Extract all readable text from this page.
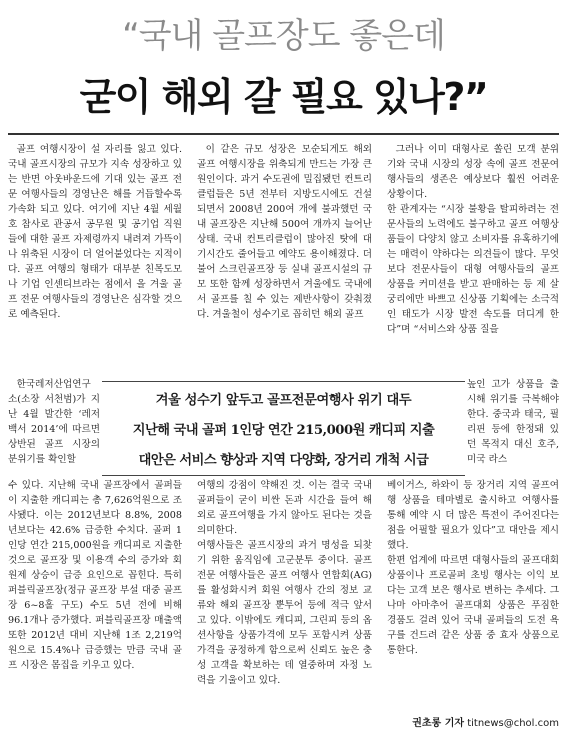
“국내 골프장도 좋은데
굳이 해외 갈 필요 있나?”

골프 여행시장이 설 자리를 잃고 있다. 국내 골프시장의 규모가 지속 성장하고 있는 반면 아웃바운드에 기대 있는 골프 전문 여행사들의 경영난은 해를 거듭할수록 가속화 되고 있다. 여기에 지난 4월 세월호 참사로 관공서 공무원 및 공기업 직원들에 대한 골프 자제령까지 내려져 가뜩이나 위축된 시장이 더 얼어붙었다는 지적이다. 골프 여행의 형태가 대부분 친목도모나 기업 인센티브라는 점에서 올 겨울 골프 전문 여행사들의 경영난은 심각할 것으로 예측된다.

한국레저산업연구소(소장 서천범)가 지난 4월 발간한 ‘레저백서 2014’에 따르면 상반된 골프 시장의 분위기를 확인할

수 있다. 지난해 국내 골프장에서 골퍼들이 지출한 캐디피는 총 7,626억원으로 조사됐다. 이는 2012년보다 8.8%, 2008년보다는 42.6% 급증한 수치다. 골퍼 1인당 연간 215,000원을 캐디피로 지출한 것으로 골프장 및 이용객 수의 증가와 회원제 상승이 급증 요인으로 꼽힌다. 특히 퍼블릭골프장(정규 골프장 부설 대중 골프장 6~8홀 구도) 수도 5년 전에 비해 96.1개나 증가했다. 퍼블릭골프장 매출액 또한 2012년 대비 지난해 1조 2,219억 원으로 15.4%나 급증했는 만큼 국내 골프 시장은 몸집을 키우고 있다.

이 같은 규모 성장은 모순되게도 해외 골프 여행시장을 위축되게 만드는 가장 큰 원인이다. 과거 수도권에 밀집됐던 컨트리클럽들은 5년 전부터 지방도시에도 건설되면서 2008년 200여 개에 불과했던 국내 골프장은 지난해 500여 개까지 늘어난 상태. 국내 컨트리클럽이 많아진 탓에 대기시간도 줄어들고 예약도 용이해졌다. 더불어 스크린골프장 등 실내 골프시설의 규모 또한 함께 성장하면서 겨울에도 국내에서 골프를 칠 수 있는 제반사항이 갖춰졌다. 겨울철이 성수기로 꼽히던 해외 골프

여행의 강점이 약해진 것. 이는 결국 국내 골퍼들이 굳이 비싼 돈과 시간을 들여 해외로 골프여행을 가지 않아도 된다는 것을 의미한다.
여행사들은 골프시장의 과거 명성을 되찾기 위한 움직임에 고군분투 중이다. 골프 전문 여행사들은 골프 여행사 연합회(AG)를 활성화시켜 회원 여행사 간의 정보 교류와 해외 골프장 뿐투어 등에 적극 앞서고 있다. 이밖에도 캐디피, 그린피 등의 옵션사항을 상품가격에 모두 포함시켜 상품가격을 공정하게 함으로써 신뢰도 높은 충성 고객을 확보하는 데 열중하며 자정 노력을 기울이고 있다.

그러나 이미 대형사로 쏠린 모객 분위기와 국내 시장의 성장 속에 골프 전문여행사들의 생존은 예상보다 훨씬 어려운 상황이다.
한 관계자는 “시장 불황을 탈피하려는 전문사들의 노력에도 불구하고 골프 여행상품들이 다양치 않고 소비자를 유혹하기에는 매력이 약하다는 의견들이 많다. 무엇보다 전문사들이 대형 여행사들의 골프 상품을 커미션을 받고 판매하는 등 제 살 궁리에만 바쁘고 신상품 기획에는 소극적인 태도가 시장 발전 속도를 더디게 한다”며 “서비스와 상품 질을

높인 고가 상품을 출시해 위기를 극복해야 한다. 중국과 태국, 필리핀 등에 한정돼 있던 목적지 대신 호주, 미국 라스

베이거스, 하와이 등 장거리 지역 골프여행 상품을 테마별로 출시하고 여행사를 통해 예약 시 더 많은 특전이 주어진다는 점을 어필할 필요가 있다”고 대안을 제시했다.
한편 업계에 따르면 대형사들의 골프대회 상품이나 프로골퍼 초빙 행사는 이익 보다는 고객 보은 행사로 변하는 추세다. 그나마 아마추어 골프대회 상품은 푸짐한 경품도 걸려 있어 국내 골퍼들의 도전 욕구를 건드려 같은 상품 중 효자 상품으로 통한다.

권초롱 기자 titnews@chol.com
겨울 성수기 앞두고 골프전문여행사 위기 대두
지난해 국내 골퍼 1인당 연간 215,000원 캐디피 지출
대안은 서비스 향상과 지역 다양화, 장거리 개척 시급
